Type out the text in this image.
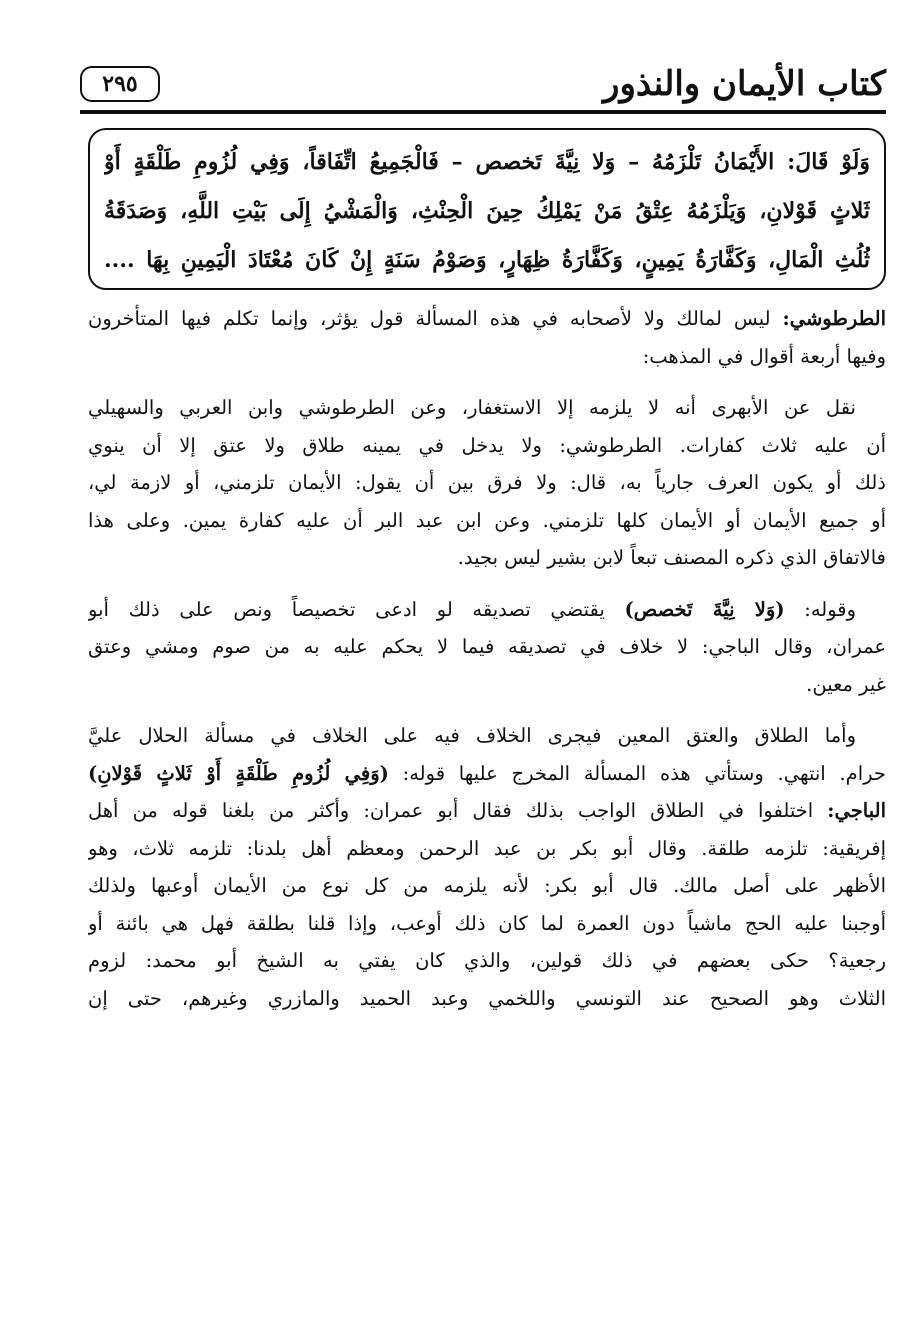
كتاب الأيمان والنذور
٢٩٥
وَلَوْ قَالَ: الأَيْمَانُ تَلْزَمُهُ – وَلا نِيَّةَ تَخصص – فَالْجَمِيعُ اتِّفَاقاً، وَفِي لُزُومِ طَلْقَةٍ أَوْ
ثَلاثٍ قَوْلانِ، وَيَلْزَمُهُ عِتْقُ مَنْ يَمْلِكُ حِينَ الْحِنْثِ، وَالْمَشْيُ إِلَى بَيْتِ اللَّهِ، وَصَدَقَةُ
ثُلُثِ الْمَالِ، وَكَفَّارَةُ يَمِينٍ، وَكَفَّارَةُ ظِهَارٍ، وَصَوْمُ سَنَةٍ إِنْ كَانَ مُعْتَادَ الْيَمِينِ بِهَا ....
الطرطوشي: ليس لمالك ولا لأصحابه في هذه المسألة قول يؤثر، وإنما تكلم فيها المتأخرون
وفيها أربعة أقوال في المذهب:
نقل عن الأبهرى أنه لا يلزمه إلا الاستغفار، وعن الطرطوشي وابن العربي والسهيلي
أن عليه ثلاث كفارات. الطرطوشي: ولا يدخل في يمينه طلاق ولا عتق إلا أن ينوي
ذلك أو يكون العرف جارياً به، قال: ولا فرق بين أن يقول: الأيمان تلزمني، أو لازمة لي،
أو جميع الأيمان أو الأيمان كلها تلزمني. وعن ابن عبد البر أن عليه كفارة يمين. وعلى هذا
فالاتفاق الذي ذكره المصنف تبعاً لابن بشير ليس بجيد.
وقوله: (وَلا نِيَّةَ تَخصص) يقتضي تصديقه لو ادعى تخصيصاً ونص على ذلك أبو
عمران، وقال الباجي: لا خلاف في تصديقه فيما لا يحكم عليه به من صوم ومشي وعتق
غير معين.
وأما الطلاق والعتق المعين فيجرى الخلاف فيه على الخلاف في مسألة الحلال عليَّ
حرام. انتهي. وستأتي هذه المسألة المخرج عليها قوله: (وَفِي لُزُومِ طَلْقَةٍ أَوْ ثَلاثٍ قَوْلانِ)
الباجي: اختلفوا في الطلاق الواجب بذلك فقال أبو عمران: وأكثر من بلغنا قوله من أهل
إفريقية: تلزمه طلقة. وقال أبو بكر بن عبد الرحمن ومعظم أهل بلدنا: تلزمه ثلاث، وهو
الأظهر على أصل مالك. قال أبو بكر: لأنه يلزمه من كل نوع من الأيمان أوعبها ولذلك
أوجبنا عليه الحج ماشياً دون العمرة لما كان ذلك أوعب، وإذا قلنا بطلقة فهل هي بائنة أو
رجعية؟ حكى بعضهم في ذلك قولين، والذي كان يفتي به الشيخ أبو محمد: لزوم
الثلاث وهو الصحيح عند التونسي واللخمي وعبد الحميد والمازري وغيرهم، حتى إن
